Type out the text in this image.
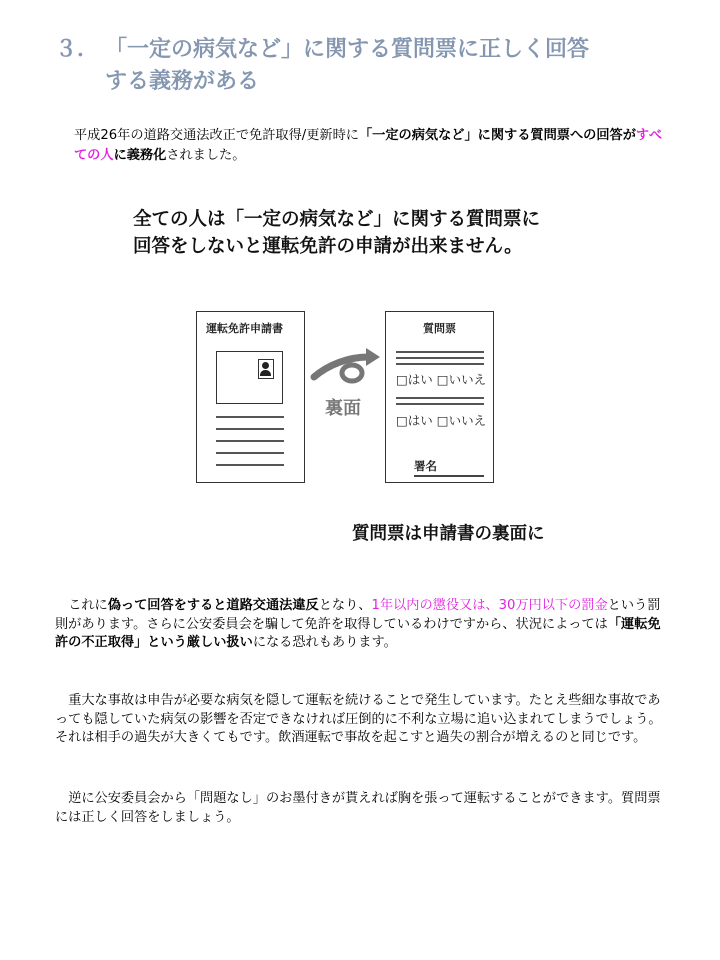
３． 「一定の病気など」に関する質問票に正しく回答
する義務がある
平成26年の道路交通法改正で免許取得/更新時に「一定の病気など」に関する質問票への回答がすべての人に義務化されました。
全ての人は「一定の病気など」に関する質問票に
回答をしないと運転免許の申請が出来ません。
運転免許申請書
裏面
質問票
□はい □いいえ
□はい □いいえ
署名
質問票は申請書の裏面に
これに偽って回答をすると道路交通法違反となり、1年以内の懲役又は、30万円以下の罰金という罰則があります。さらに公安委員会を騙して免許を取得しているわけですから、状況によっては「運転免許の不正取得」という厳しい扱いになる恐れもあります。
重大な事故は申告が必要な病気を隠して運転を続けることで発生しています。たとえ些細な事故であっても隠していた病気の影響を否定できなければ圧倒的に不利な立場に追い込まれてしまうでしょう。それは相手の過失が大きくてもです。飲酒運転で事故を起こすと過失の割合が増えるのと同じです。
逆に公安委員会から「問題なし」のお墨付きが貰えれば胸を張って運転することができます。質問票には正しく回答をしましょう。
